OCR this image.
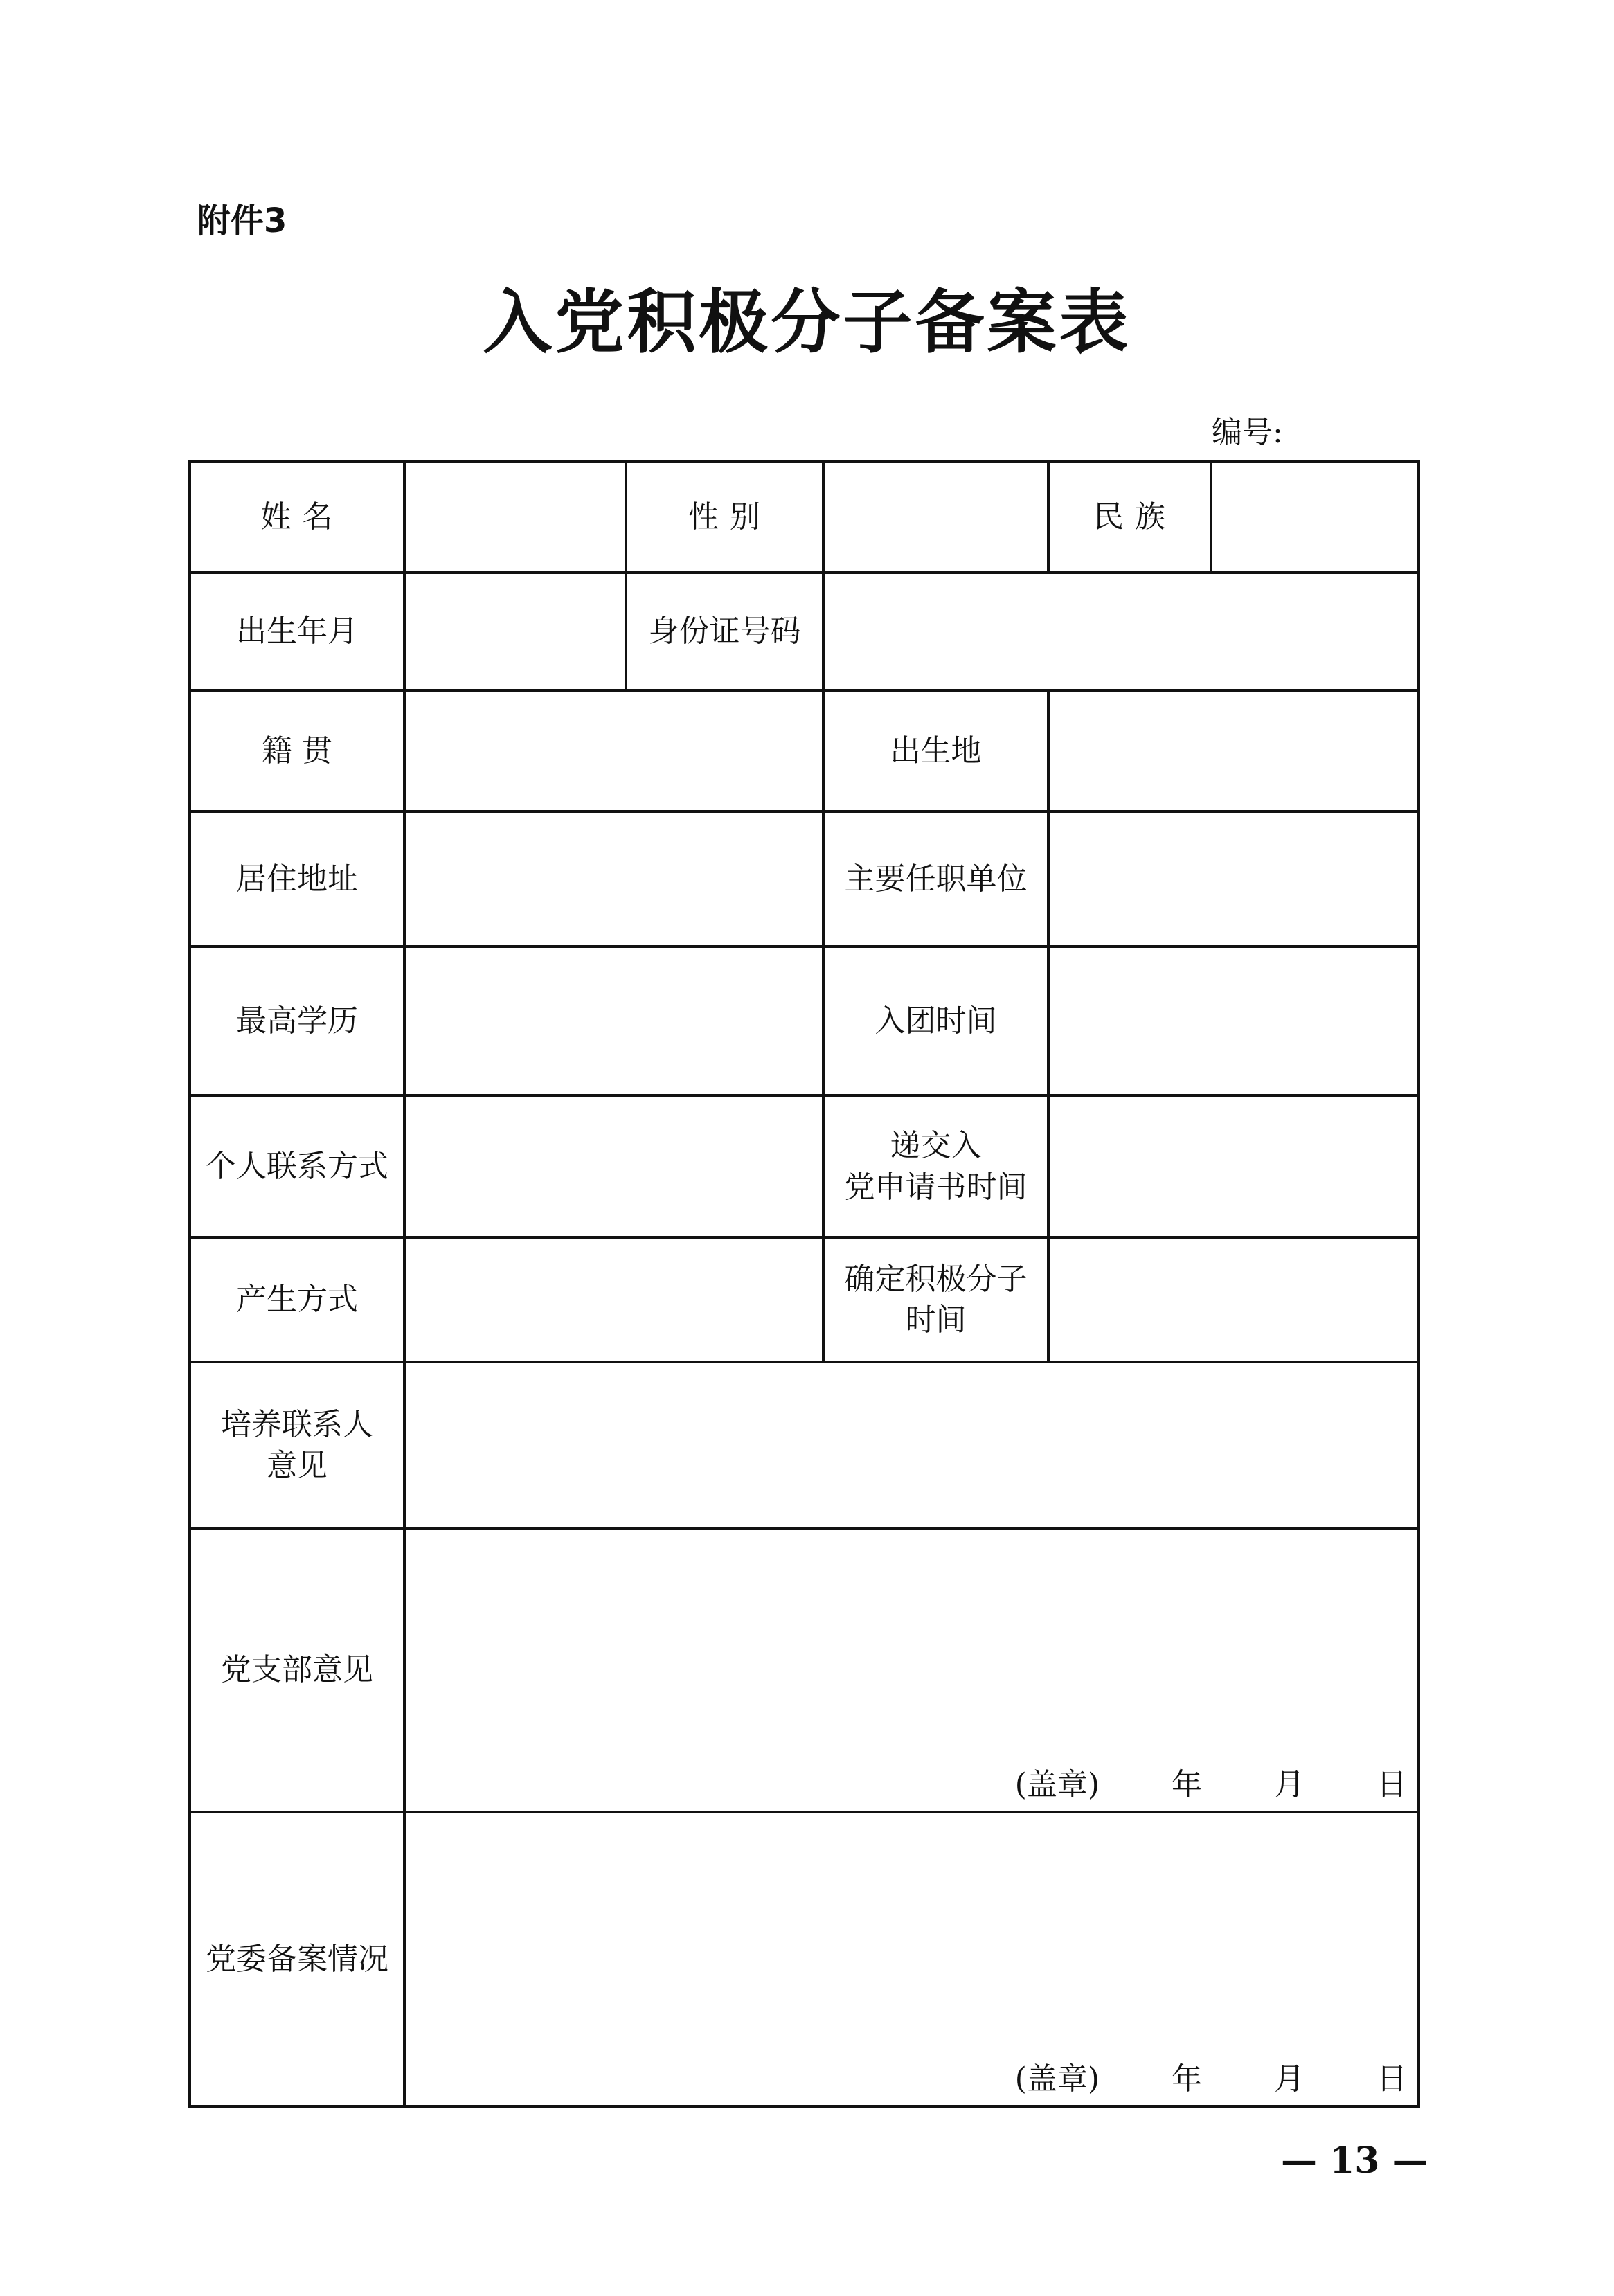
附件3
入党积极分子备案表
编号:
姓 名		性 别		民 族	
出生年月		身份证号码			
籍 贯			出生地		
居住地址			主要任职单位		
最高学历			入团时间		
个人联系方式			递交入
党申请书时间		

产生方式			确定积极分子
时间		

培养联系人
意见					

党支部意见	(盖章) 年 月 日				

党委备案情况	(盖章) 年 月 日				
— 13 —
